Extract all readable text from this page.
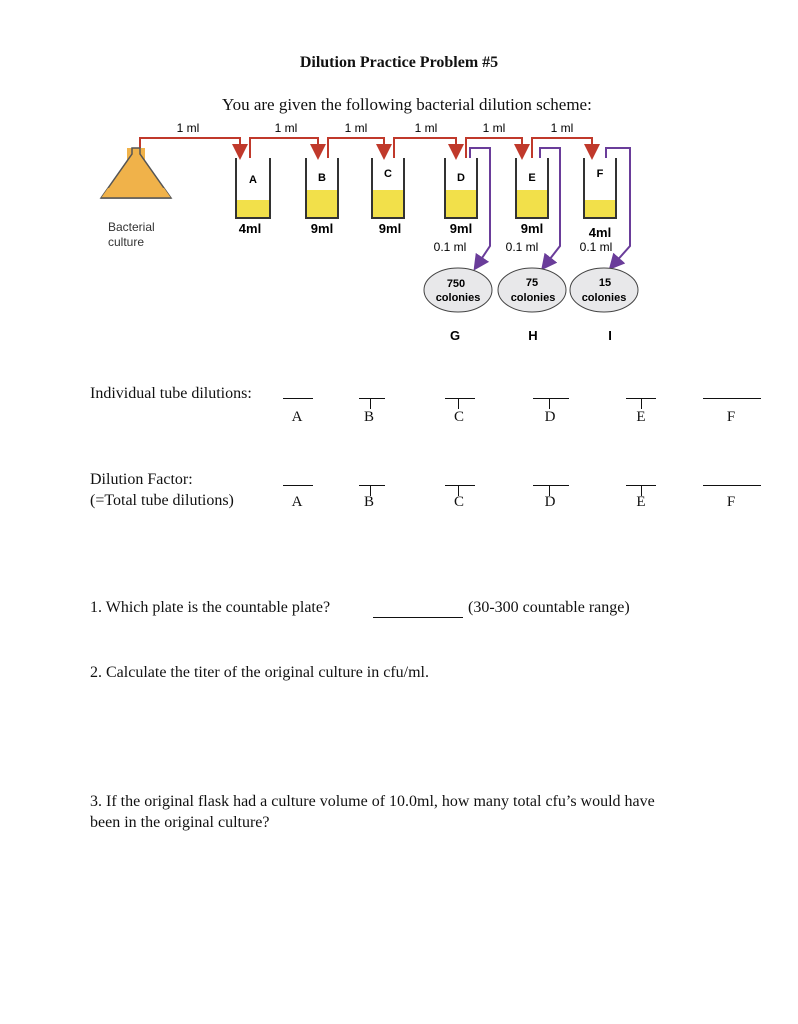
Dilution Practice Problem #5
You are given the following bacterial dilution scheme:
1 ml	1 ml	1 ml	1 ml	1 ml	1 ml
Bacterial
culture
A	B	C	D	E	F
4ml	9ml	9ml	9ml	9ml	4ml
0.1 ml	0.1 ml	0.1 ml
750
colonies
75
colonies
15
colonies
G	H	I
Individual tube dilutions:
A	B	C	D	E	F
Dilution Factor:
(=Total tube dilutions)	A	B	C	D	E	F
1. Which plate is the countable plate?	(30-300 countable range)
2. Calculate the titer of the original culture in cfu/ml.
3. If the original flask had a culture volume of 10.0ml, how many total cfu’s would have
been in the original culture?
